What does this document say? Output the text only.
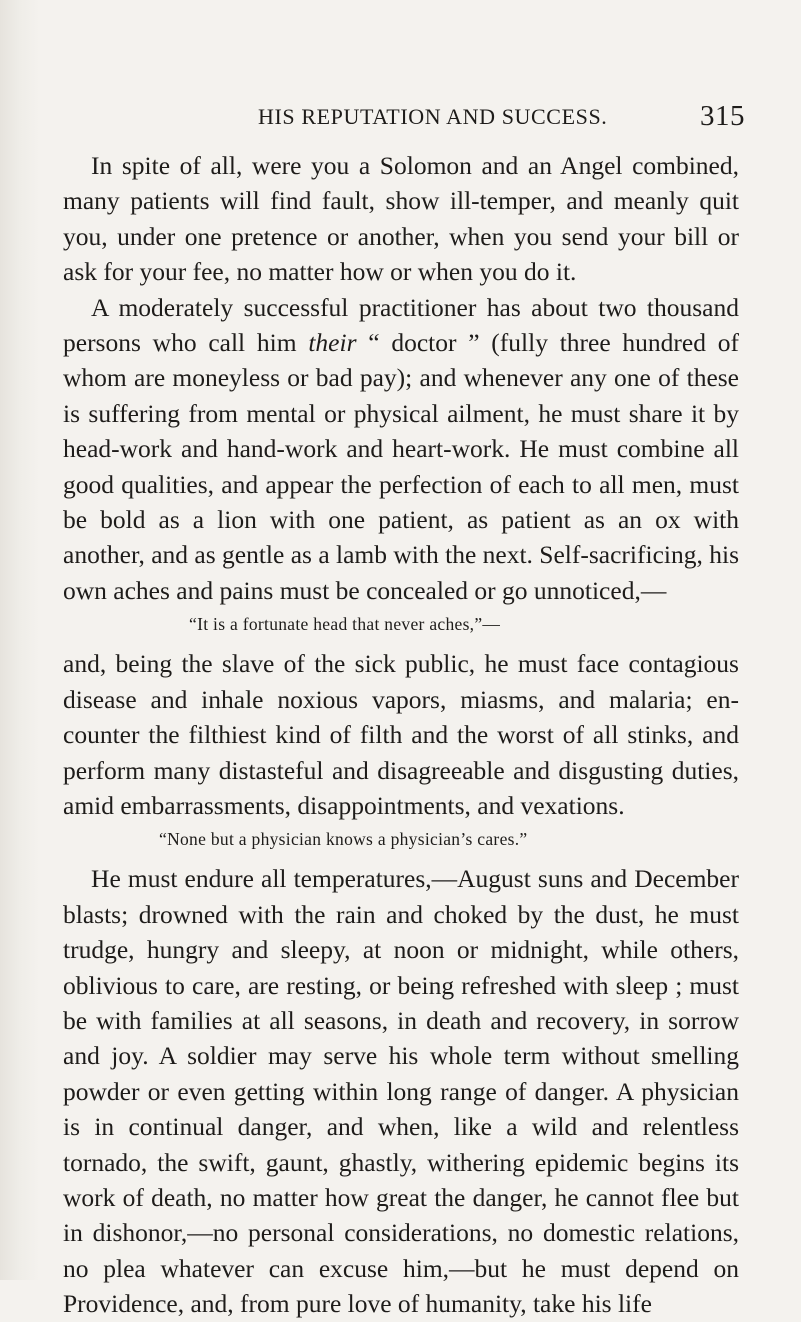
HIS REPUTATION AND SUCCESS.	315

In spite of all, were you a Solomon and an Angel combined, many patients will find fault, show ill-temper, and meanly quit you, under one pretence or another, when you send your bill or ask for your fee, no matter how or when you do it.

A moderately successful practitioner has about two thousand persons who call him their “ doctor ” (fully three hundred of whom are moneyless or bad pay); and whenever any one of these is suffering from mental or physical ailment, he must share it by head-work and hand-work and heart-work. He must combine all good qualities, and appear the perfection of each to all men, must be bold as a lion with one patient, as patient as an ox with another, and as gentle as a lamb with the next. Self-sacrificing, his own aches and pains must be concealed or go unnoticed,—

“It is a fortunate head that never aches,”—

and, being the slave of the sick public, he must face contagious disease and inhale noxious vapors, miasms, and malaria; encounter the filthiest kind of filth and the worst of all stinks, and perform many distasteful and disagreeable and disgusting duties, amid embarrassments, disappointments, and vexations.

“None but a physician knows a physician’s cares.”

He must endure all temperatures,—August suns and December blasts; drowned with the rain and choked by the dust, he must trudge, hungry and sleepy, at noon or midnight, while others, oblivious to care, are resting, or being refreshed with sleep ; must be with families at all seasons, in death and recovery, in sorrow and joy. A soldier may serve his whole term without smelling powder or even getting within long range of danger. A physician is in continual danger, and when, like a wild and relentless tornado, the swift, gaunt, ghastly, withering epidemic begins its work of death, no matter how great the danger, he cannot flee but in dishonor,—no personal considerations, no domestic relations, no plea whatever can excuse him,—but he must depend on Providence, and, from pure love of humanity, take his life
